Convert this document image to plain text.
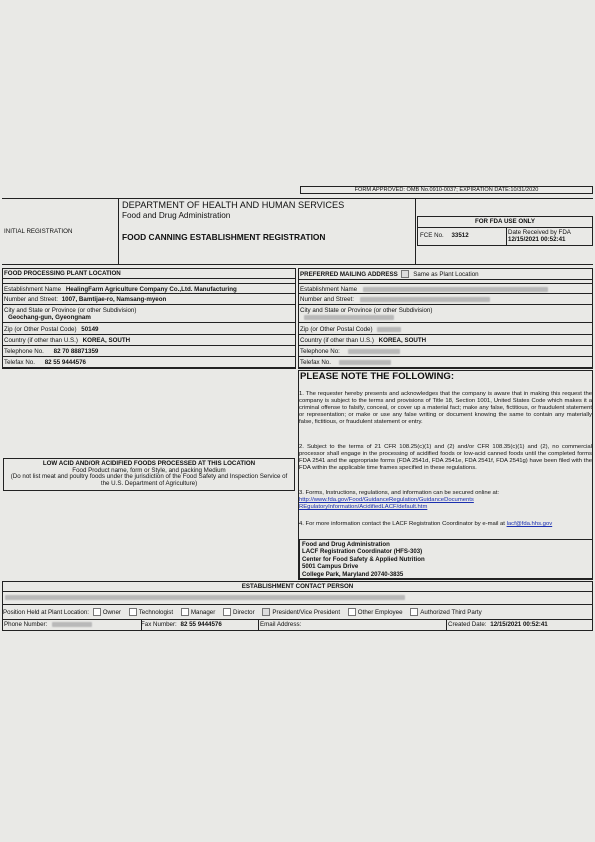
FORM APPROVED: OMB No.0910-0037; EXPIRATION DATE:10/31/2020
INITIAL REGISTRATION
DEPARTMENT OF HEALTH AND HUMAN SERVICES
Food and Drug Administration
FOOD CANNING ESTABLISHMENT REGISTRATION
FOR FDA USE ONLY
FCE No. 33512	Date Received by FDA
12/15/2021 00:52:41
FOOD PROCESSING PLANT LOCATION
Establishment Name HealingFarm Agriculture Company Co.,Ltd. Manufacturing
Number and Street: 1007, Bamtijae-ro, Namsang-myeon
City and State or Province (or other Subdivision)
Geochang-gun, Gyeongnam
Zip (or Other Postal Code) 50149
Country (if other than U.S.) KOREA, SOUTH
Telephone No. 82 70 88871359
Telefax No. 82 55 9444576
PREFERRED MAILING ADDRESS Same as Plant Location
Establishment Name
Number and Street:
City and State or Province (or other Subdivision)
Zip (or Other Postal Code)
Country (if other than U.S.) KOREA, SOUTH
Telephone No:
Telefax No.
LOW ACID AND/OR ACIDIFIED FOODS PROCESSED AT THIS LOCATION
Food Product name, form or Style, and packing Medium
(Do not list meat and poultry foods under the jurisdiction of the Food Safety and Inspection Service of the U.S. Department of Agriculture)
PLEASE NOTE THE FOLLOWING:
1. The requester hereby presents and acknowledges that the company is aware that in making this request the company is subject to the terms and provisions of Title 18, Section 1001, United States Code which makes it a criminal offense to falsify, conceal, or cover up a material fact; make any false, fictitious, or fraudulent statement or representation; or make or use any false writing or document knowing the same to contain any materially false, fictitious, or fraudulent statement or entry.
2. Subject to the terms of 21 CFR 108.25(c)(1) and (2) and/or CFR 108.35(c)(1) and (2), no commercial processor shall engage in the processing of acidified foods or low-acid canned foods until the completed forms FDA 2541 and the appropriate forms (FDA 2541d, FDA 2541e, FDA 2541f, FDA 2541g) have been filed with the FDA within the applicable time frames specified in these regulations.
3. Forms, Instructions, regulations, and information can be secured online at:
http://www.fda.gov/Food/GuidanceRegulation/GuidanceDocuments
REgulatoryInformation/AcidifiedLACF/default.htm
4. For more information contact the LACF Registration Coordinator by e-mail at lacf@fda.hhs.gov
Food and Drug Administration
LACF Registration Coordinator (HFS-303)
Center for Food Safety & Applied Nutrition
5001 Campus Drive
College Park, Maryland 20740-3835
ESTABLISHMENT CONTACT PERSON
Position Held at Plant Location: Owner	Technologist	Manager	Director	President/Vice President	Other Employee	Authorized Third Party
Phone Number:	Fax Number: 82 55 9444576	Email Address:	Created Date: 12/15/2021 00:52:41
